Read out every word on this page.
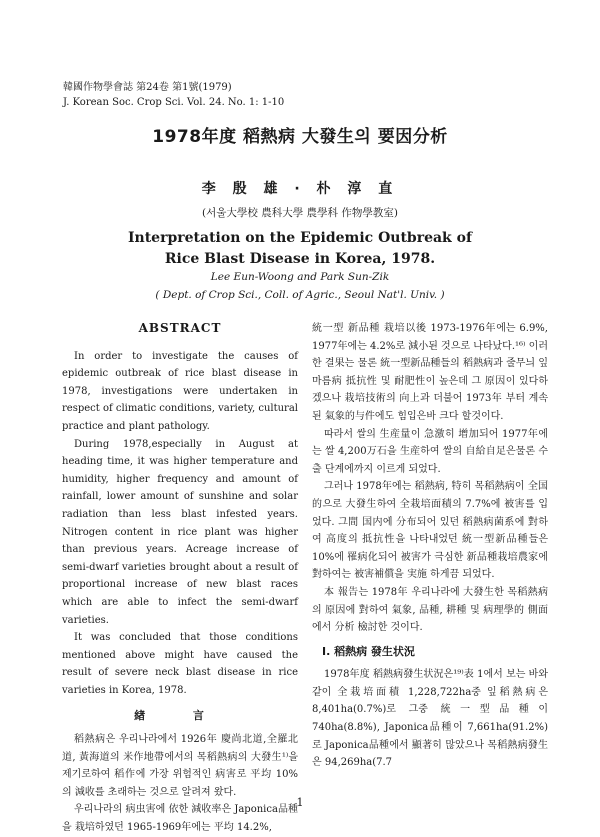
韓國作物學會誌 第24卷 第1號(1979)
J. Korean Soc. Crop Sci. Vol. 24. No. 1: 1-10
1978年度 稻熱病 大發生의 要因分析
李 殷 雄 · 朴 淳 直
(서울大學校 農科大學 農學科 作物學教室)
Interpretation on the Epidemic Outbreak of
Rice Blast Disease in Korea, 1978.
Lee Eun-Woong and Park Sun-Zik
( Dept. of Crop Sci., Coll. of Agric., Seoul Nat'l. Univ. )
ABSTRACT

In order to investigate the causes of epidemic outbreak of rice blast disease in 1978, investigations were undertaken in respect of climatic conditions, variety, cultural practice and plant pathology.

During 1978,especially in August at heading time, it was higher temperature and humidity, higher frequency and amount of rainfall, lower amount of sunshine and solar radiation than less blast infested years. Nitrogen content in rice plant was higher than previous years. Acreage increase of semi-dwarf varieties brought about a result of proportional increase of new blast races which are able to infect the semi-dwarf varieties.

It was concluded that those conditions mentioned above might have caused the result of severe neck blast disease in rice varieties in Korea, 1978.

緖 言

稻熱病은 우리나라에서 1926年 慶尚北道,全羅北道, 黃海道의 米作地帶에서의 목稻熱病의 大發生¹⁾을 제기로하여 稻作에 가장 위험적인 病害로 平均 10%의 減收를 초래하는 것으로 알려져 왔다.

우리나라의 病虫害에 依한 減收率은 Japonica品種을 栽培하였던 1965-1969年에는 平均 14.2%,

統一型 新品種 栽培以後 1973-1976年에는 6.9%, 1977年에는 4.2%로 減小된 것으로 나타났다.¹⁶⁾ 이러한 결果는 물론 統一型新品種들의 稻熱病과 줄무늬 잎마름病 抵抗性 및 耐肥性이 높은데 그 原因이 있다하겠으나 栽培技術의 向上과 더불어 1973年 부터 계속된 氣象的与件에도 힘입은바 크다 할것이다.

따라서 쌀의 生産量이 急激히 增加되어 1977年에는 쌀 4,200万石을 生産하여 쌀의 自給自足은물론 수출 단계에까지 이르게 되었다.

그러나 1978年에는 稻熱病, 特히 목稻熱病이 全国的으로 大發生하여 全栽培面積의 7.7%에 被害를 입었다. 그間 国内에 分布되어 있던 稻熱病菌系에 對하여 高度의 抵抗性을 나타내었던 統一型新品種들은 10%에 罹病化되어 被害가 극심한 新品種栽培農家에 對하여는 被害補償을 実施 하게끔 되었다.

本 報告는 1978年 우리나라에 大發生한 목稻熱病의 原因에 對하여 氣象, 品種, 耕種 및 病理學的 側面에서 分析 檢討한 것이다.

I. 稻熱病 發生状況

1978年度 稻熱病發生状況은¹⁹⁾表 1에서 보는 바와 같이 全栽培面積 1,228,722ha중 잎稻熱病은 8,401ha(0.7%)로 그중 統一型品種이 740ha(8.8%), Japonica品種이 7,661ha(91.2%)로 Japonica品種에서 顯著히 많았으나 목稻熱病發生은 94,269ha(7.7

1
